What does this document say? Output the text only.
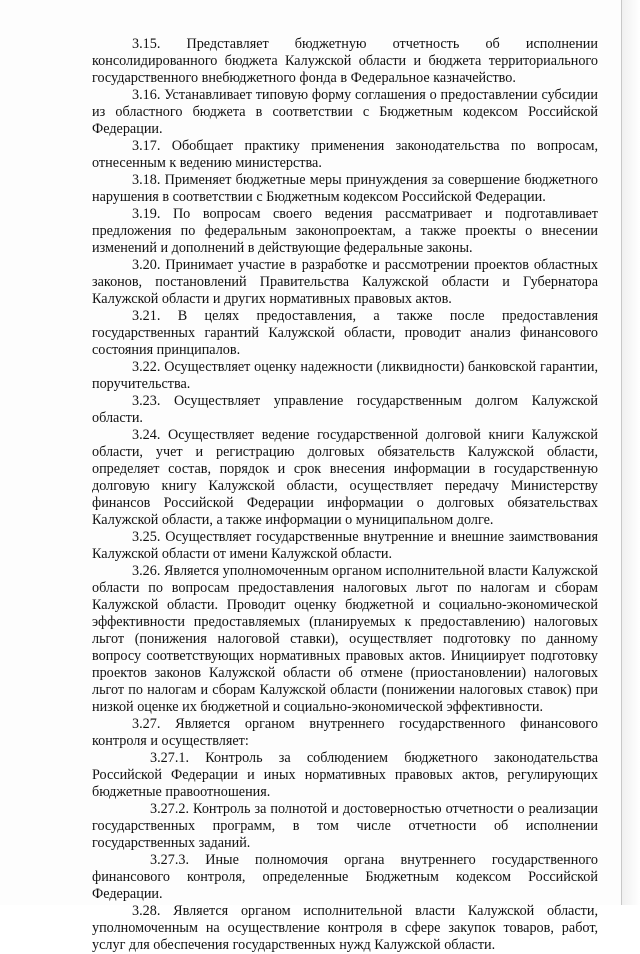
3.15. Представляет бюджетную отчетность об исполнении консолидированного бюджета Калужской области и бюджета территориального государственного внебюджетного фонда в Федеральное казначейство.

3.16. Устанавливает типовую форму соглашения о предоставлении субсидии из областного бюджета в соответствии с Бюджетным кодексом Российской Федерации.

3.17. Обобщает практику применения законодательства по вопросам, отнесенным к ведению министерства.

3.18. Применяет бюджетные меры принуждения за совершение бюджетного нарушения в соответствии с Бюджетным кодексом Российской Федерации.

3.19. По вопросам своего ведения рассматривает и подготавливает предложения по федеральным законопроектам, а также проекты о внесении изменений и дополнений в действующие федеральные законы.

3.20. Принимает участие в разработке и рассмотрении проектов областных законов, постановлений Правительства Калужской области и Губернатора Калужской области и других нормативных правовых актов.

3.21. В целях предоставления, а также после предоставления государственных гарантий Калужской области, проводит анализ финансового состояния принципалов.

3.22. Осуществляет оценку надежности (ликвидности) банковской гарантии, поручительства.

3.23. Осуществляет управление государственным долгом Калужской области.

3.24. Осуществляет ведение государственной долговой книги Калужской области, учет и регистрацию долговых обязательств Калужской области, определяет состав, порядок и срок внесения информации в государственную долговую книгу Калужской области, осуществляет передачу Министерству финансов Российской Федерации информации о долговых обязательствах Калужской области, а также информации о муниципальном долге.

3.25. Осуществляет государственные внутренние и внешние заимствования Калужской области от имени Калужской области.

3.26. Является уполномоченным органом исполнительной власти Калужской области по вопросам предоставления налоговых льгот по налогам и сборам Калужской области. Проводит оценку бюджетной и социально-экономической эффективности предоставляемых (планируемых к предоставлению) налоговых льгот (понижения налоговой ставки), осуществляет подготовку по данному вопросу соответствующих нормативных правовых актов. Инициирует подготовку проектов законов Калужской области об отмене (приостановлении) налоговых льгот по налогам и сборам Калужской области (понижении налоговых ставок) при низкой оценке их бюджетной и социально-экономической эффективности.

3.27. Является органом внутреннего государственного финансового контроля и осуществляет:

3.27.1. Контроль за соблюдением бюджетного законодательства Российской Федерации и иных нормативных правовых актов, регулирующих бюджетные правоотношения.

3.27.2. Контроль за полнотой и достоверностью отчетности о реализации государственных программ, в том числе отчетности об исполнении государственных заданий.

3.27.3. Иные полномочия органа внутреннего государственного финансового контроля, определенные Бюджетным кодексом Российской Федерации.

3.28. Является органом исполнительной власти Калужской области, уполномоченным на осуществление контроля в сфере закупок товаров, работ, услуг для обеспечения государственных нужд Калужской области.
